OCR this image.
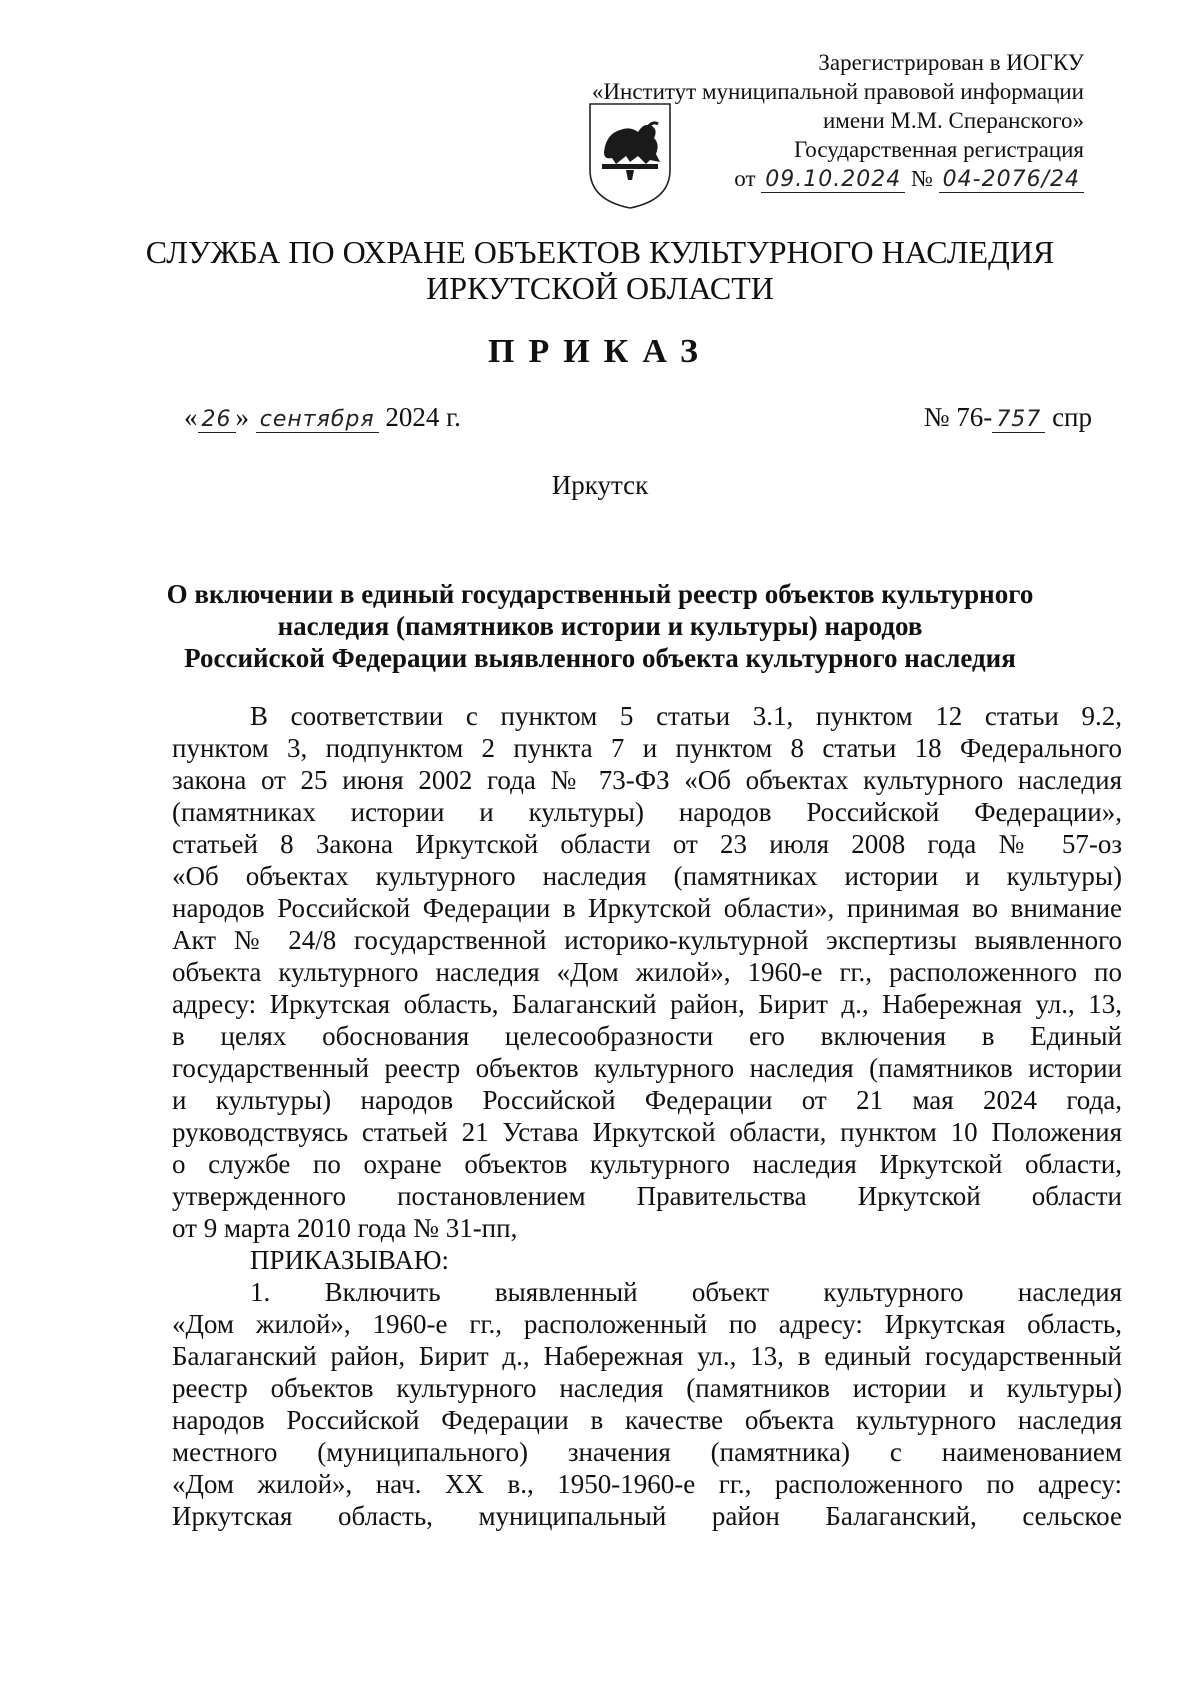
Зарегистрирован в ИОГКУ
«Институт муниципальной правовой информации
имени М.М. Сперанского»
Государственная регистрация
от 09.10.2024 № 04-2076/24
СЛУЖБА ПО ОХРАНЕ ОБЪЕКТОВ КУЛЬТУРНОГО НАСЛЕДИЯ
ИРКУТСКОЙ ОБЛАСТИ
ПРИКАЗ
« 26 » сентября 2024 г.	№ 76- 757 спр
Иркутск
О включении в единый государственный реестр объектов культурного
наследия (памятников истории и культуры) народов
Российской Федерации выявленного объекта культурного наследия
В соответствии с пунктом 5 статьи 3.1, пунктом 12 статьи 9.2,
пунктом 3, подпунктом 2 пункта 7 и пунктом 8 статьи 18 Федерального
закона от 25 июня 2002 года № 73-ФЗ «Об объектах культурного наследия
(памятниках истории и культуры) народов Российской Федерации»,
статьей 8 Закона Иркутской области от 23 июля 2008 года № 57-оз
«Об объектах культурного наследия (памятниках истории и культуры)
народов Российской Федерации в Иркутской области», принимая во внимание
Акт № 24/8 государственной историко-культурной экспертизы выявленного
объекта культурного наследия «Дом жилой», 1960-е гг., расположенного по
адресу: Иркутская область, Балаганский район, Бирит д., Набережная ул., 13,
в целях обоснования целесообразности его включения в Единый
государственный реестр объектов культурного наследия (памятников истории
и культуры) народов Российской Федерации от 21 мая 2024 года,
руководствуясь статьей 21 Устава Иркутской области, пунктом 10 Положения
о службе по охране объектов культурного наследия Иркутской области,
утвержденного постановлением Правительства Иркутской области
от 9 марта 2010 года № 31-пп,
ПРИКАЗЫВАЮ:
1. Включить выявленный объект культурного наследия
«Дом жилой», 1960-е гг., расположенный по адресу: Иркутская область,
Балаганский район, Бирит д., Набережная ул., 13, в единый государственный
реестр объектов культурного наследия (памятников истории и культуры)
народов Российской Федерации в качестве объекта культурного наследия
местного (муниципального) значения (памятника) с наименованием
«Дом жилой», нач. XX в., 1950-1960-е гг., расположенного по адресу:
Иркутская область, муниципальный район Балаганский, сельское
